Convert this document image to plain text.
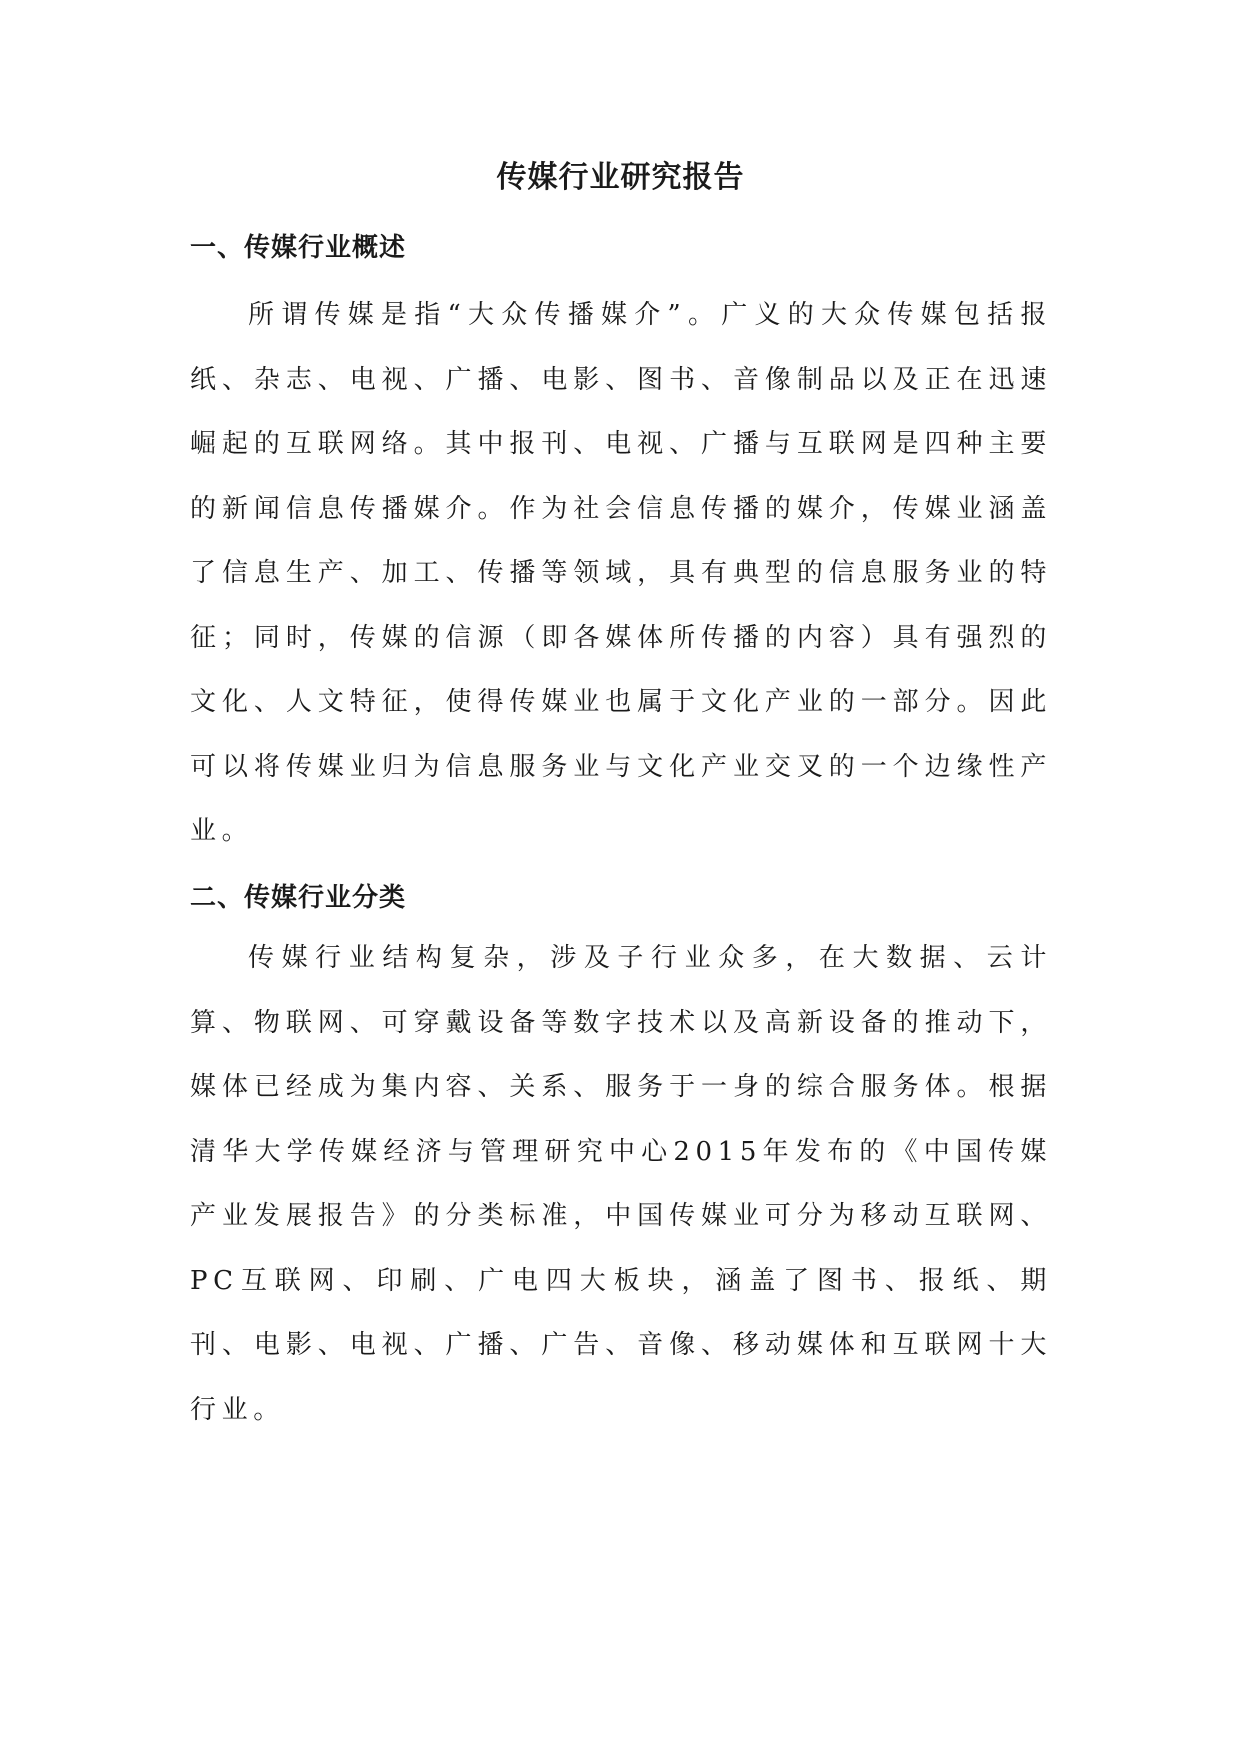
传媒行业研究报告
一、传媒行业概述

所谓传媒是指“大众传播媒介”。广义的大众传媒包括报纸、杂志、电视、广播、电影、图书、音像制品以及正在迅速崛起的互联网络。其中报刊、电视、广播与互联网是四种主要的新闻信息传播媒介。作为社会信息传播的媒介，传媒业涵盖了信息生产、加工、传播等领域，具有典型的信息服务业的特征；同时，传媒的信源（即各媒体所传播的内容）具有强烈的文化、人文特征，使得传媒业也属于文化产业的一部分。因此可以将传媒业归为信息服务业与文化产业交叉的一个边缘性产业。

二、传媒行业分类

传媒行业结构复杂，涉及子行业众多，在大数据、云计算、物联网、可穿戴设备等数字技术以及高新设备的推动下，媒体已经成为集内容、关系、服务于一身的综合服务体。根据清华大学传媒经济与管理研究中心2015年发布的《中国传媒产业发展报告》的分类标准，中国传媒业可分为移动互联网、PC互联网、印刷、广电四大板块，涵盖了图书、报纸、期刊、电影、电视、广播、广告、音像、移动媒体和互联网十大行业。
